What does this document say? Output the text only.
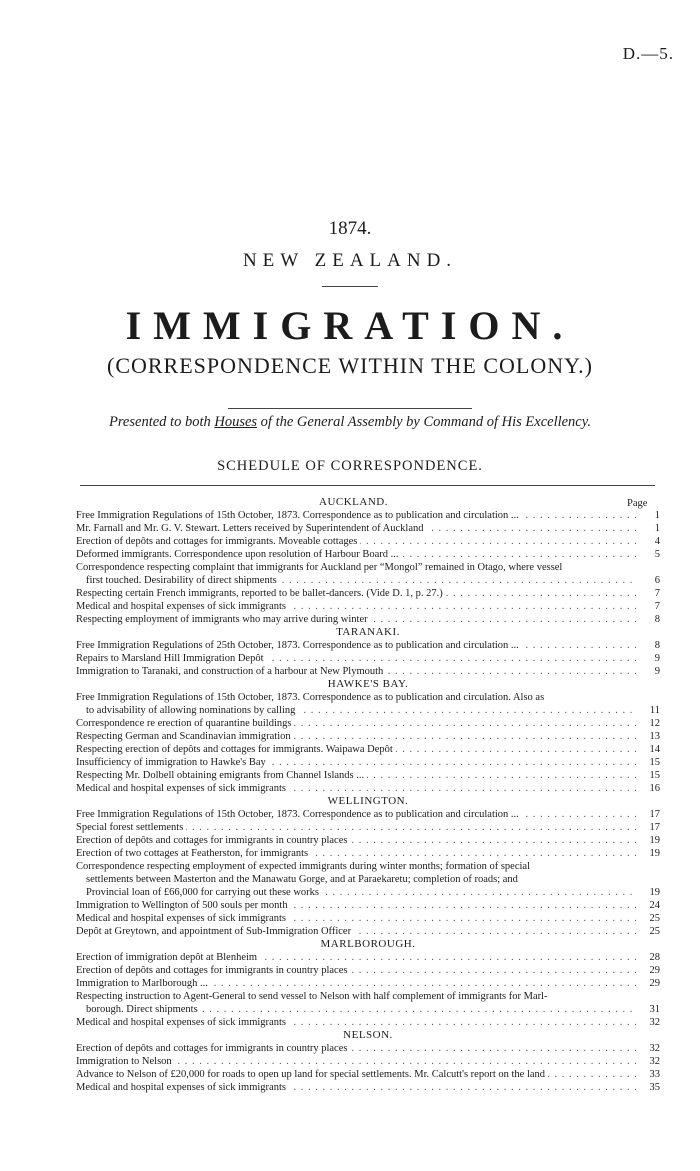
D.—5.
1874.
NEW ZEALAND.
IMMIGRATION.
(CORRESPONDENCE WITHIN THE COLONY.)
Presented to both Houses of the General Assembly by Command of His Excellency.
SCHEDULE OF CORRESPONDENCE.
Page
AUCKLAND.
Free Immigration Regulations of 15th October, 1873. Correspondence as to publication and circulation ... . . .	1
Mr. Farnall and Mr. G. V. Stewart. Letters received by Superintendent of Auckland . . .	1
Erection of depôts and cottages for immigrants. Moveable cottages . . .	4
Deformed immigrants. Correspondence upon resolution of Harbour Board ... . . .	5
Correspondence respecting complaint that immigrants for Auckland per “Mongol” remained in Otago, where vessel
first touched. Desirability of direct shipments . . .	6
Respecting certain French immigrants, reported to be ballet-dancers. (Vide D. 1, p. 27.) . . .	7
Medical and hospital expenses of sick immigrants . . .	7
Respecting employment of immigrants who may arrive during winter . . .	8
TARANAKI.
Free Immigration Regulations of 25th October, 1873. Correspondence as to publication and circulation ... . . .	8
Repairs to Marsland Hill Immigration Depôt . . .	9
Immigration to Taranaki, and construction of a harbour at New Plymouth . . .	9
HAWKE'S BAY.
Free Immigration Regulations of 15th October, 1873. Correspondence as to publication and circulation. Also as
to advisability of allowing nominations by calling . . .	11
Correspondence re erection of quarantine buildings . . .	12
Respecting German and Scandinavian immigration . . .	13
Respecting erection of depôts and cottages for immigrants. Waipawa Depôt . . .	14
Insufficiency of immigration to Hawke's Bay . . .	15
Respecting Mr. Dolbell obtaining emigrants from Channel Islands ... . . .	15
Medical and hospital expenses of sick immigrants . . .	16
WELLINGTON.
Free Immigration Regulations of 15th October, 1873. Correspondence as to publication and circulation ... . . .	17
Special forest settlements . . .	17
Erection of depôts and cottages for immigrants in country places . . .	19
Erection of two cottages at Featherston, for immigrants . . .	19
Correspondence respecting employment of expected immigrants during winter months; formation of special
settlements between Masterton and the Manawatu Gorge, and at Paraekaretu; completion of roads; and
Provincial loan of £66,000 for carrying out these works . . .	19
Immigration to Wellington of 500 souls per month . . .	24
Medical and hospital expenses of sick immigrants . . .	25
Depôt at Greytown, and appointment of Sub-Immigration Officer . . .	25
MARLBOROUGH.
Erection of immigration depôt at Blenheim . . .	28
Erection of depôts and cottages for immigrants in country places . . .	29
Immigration to Marlborough ... . . .	29
Respecting instruction to Agent-General to send vessel to Nelson with half complement of immigrants for Marl-
borough. Direct shipments . . .	31
Medical and hospital expenses of sick immigrants . . .	32
NELSON.
Erection of depôts and cottages for immigrants in country places . . .	32
Immigration to Nelson . . .	32
Advance to Nelson of £20,000 for roads to open up land for special settlements. Mr. Calcutt's report on the land . . .	33
Medical and hospital expenses of sick immigrants . . .	35
